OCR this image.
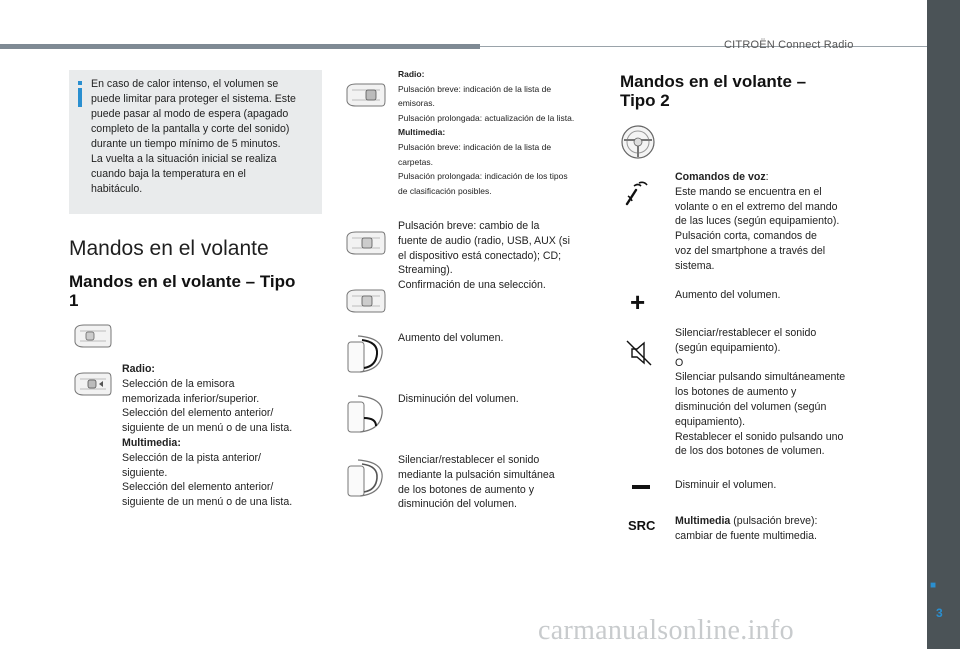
CITROËN Connect Radio
■
3
carmanualsonline.info
En caso de calor intenso, el volumen se
puede limitar para proteger el sistema. Este
puede pasar al modo de espera (apagado
completo de la pantalla y corte del sonido)
durante un tiempo mínimo de 5 minutos.
La vuelta a la situación inicial se realiza
cuando baja la temperatura en el
habitáculo.
Mandos en el volante
Mandos en el volante – Tipo
1
Radio:
Selección de la emisora
memorizada inferior/superior.
Selección del elemento anterior/
siguiente de un menú o de una lista.
Multimedia:
Selección de la pista anterior/
siguiente.
Selección del elemento anterior/
siguiente de un menú o de una lista.
Radio:
Pulsación breve: indicación de la lista de
emisoras.
Pulsación prolongada: actualización de la lista.
Multimedia:
Pulsación breve: indicación de la lista de
carpetas.
Pulsación prolongada: indicación de los tipos
de clasificación posibles.
Pulsación breve: cambio de la
fuente de audio (radio, USB, AUX (si
el dispositivo está conectado); CD;
Streaming).
Confirmación de una selección.
Aumento del volumen.
Disminución del volumen.
Silenciar/restablecer el sonido
mediante la pulsación simultánea
de los botones de aumento y
disminución del volumen.
Mandos en el volante –
Tipo 2
+
SRC
Comandos de voz:
Este mando se encuentra en el
volante o en el extremo del mando
de las luces (según equipamiento).
Pulsación corta, comandos de
voz del smartphone a través del
sistema.
Aumento del volumen.
Silenciar/restablecer el sonido
(según equipamiento).
O
Silenciar pulsando simultáneamente
los botones de aumento y
disminución del volumen (según
equipamiento).
Restablecer el sonido pulsando uno
de los dos botones de volumen.
Disminuir el volumen.
Multimedia (pulsación breve):
cambiar de fuente multimedia.
